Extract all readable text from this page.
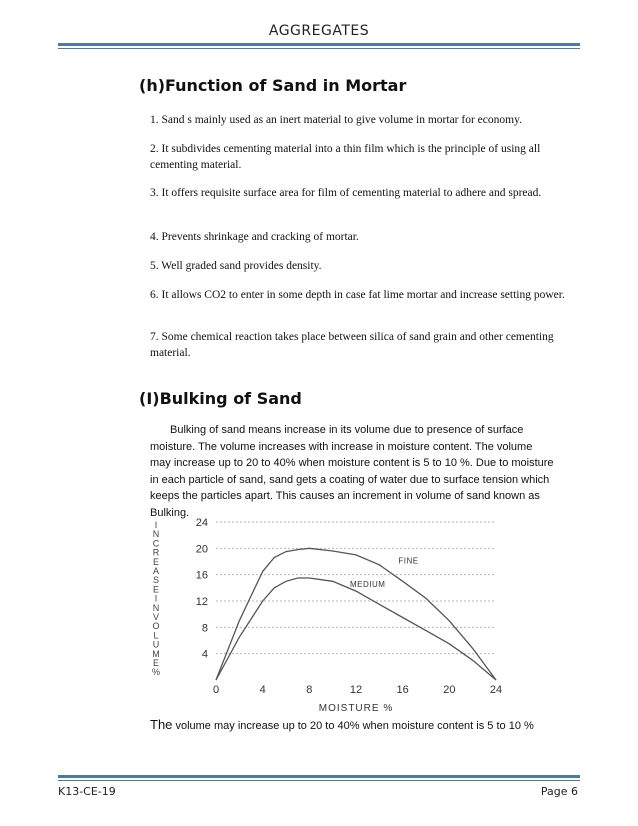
AGGREGATES
(h)Function of Sand in Mortar
1. Sand s mainly used as an inert material to give volume in mortar for economy.
2. It subdivides cementing material into a thin film which is the principle of using all cementing material.
3. It offers requisite surface area for film of cementing material to adhere and spread.
4. Prevents shrinkage and cracking of mortar.
5. Well graded sand provides density.
6. It allows CO2 to enter in some depth in case fat lime mortar and increase setting power.
7. Some chemical reaction takes place between silica of sand grain and other cementing material.
(I)Bulking of Sand
Bulking of sand means increase in its volume due to presence of surface moisture. The volume increases with increase in moisture content. The volume may increase up to 20 to 40% when moisture content is 5 to 10 %. Due to moisture in each particle of sand, sand gets a coating of water due to surface tension which keeps the particles apart. This causes an increment in volume of sand known as Bulking.
4
8
12
16
20
24
0	4	8	12	16	20	24
MOISTURE %
I
N
C
R
E
A
S
E
I
N
V
O
L
U
M
E
%
FINE
MEDIUM
The volume may increase up to 20 to 40% when moisture content is 5 to 10 %
K13-CE-19	Page 6
